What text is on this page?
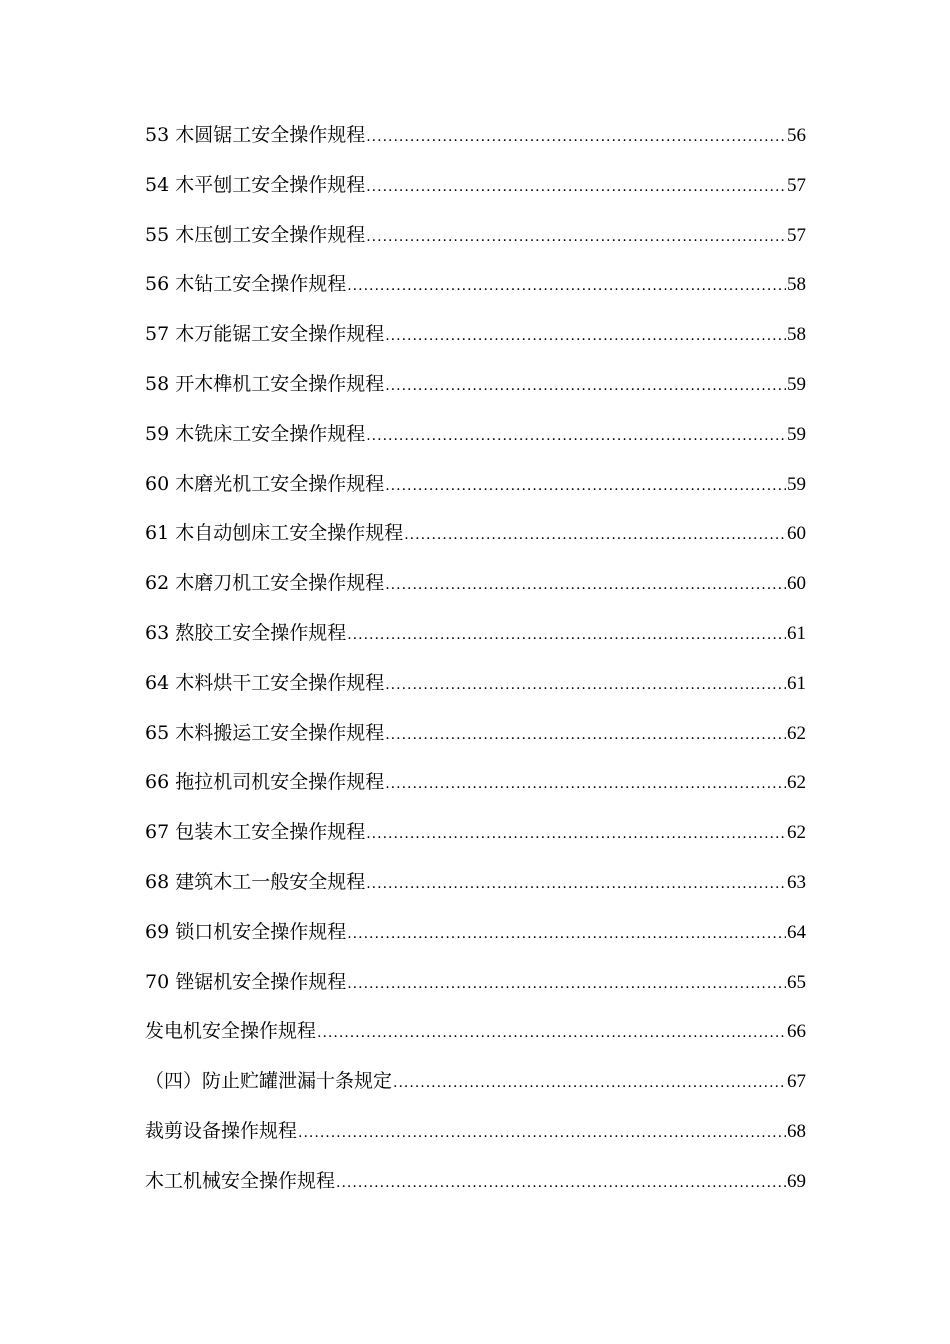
53 木圆锯工安全操作规程 .....	56
54 木平刨工安全操作规程 .....	57
55 木压刨工安全操作规程 .....	57
56 木钻工安全操作规程 .....	58
57 木万能锯工安全操作规程 .....	58
58 开木榫机工安全操作规程 .....	59
59 木铣床工安全操作规程 .....	59
60 木磨光机工安全操作规程 .....	59
61 木自动刨床工安全操作规程 .....	60
62 木磨刀机工安全操作规程 .....	60
63 熬胶工安全操作规程 .....	61
64 木料烘干工安全操作规程 .....	61
65 木料搬运工安全操作规程 .....	62
66 拖拉机司机安全操作规程 .....	62
67 包装木工安全操作规程 .....	62
68 建筑木工一般安全规程 .....	63
69 锁口机安全操作规程 .....	64
70 锉锯机安全操作规程 .....	65
发电机安全操作规程 .....	66
（四）防止贮罐泄漏十条规定 .....	67
裁剪设备操作规程 .....	68
木工机械安全操作规程 .....	69
